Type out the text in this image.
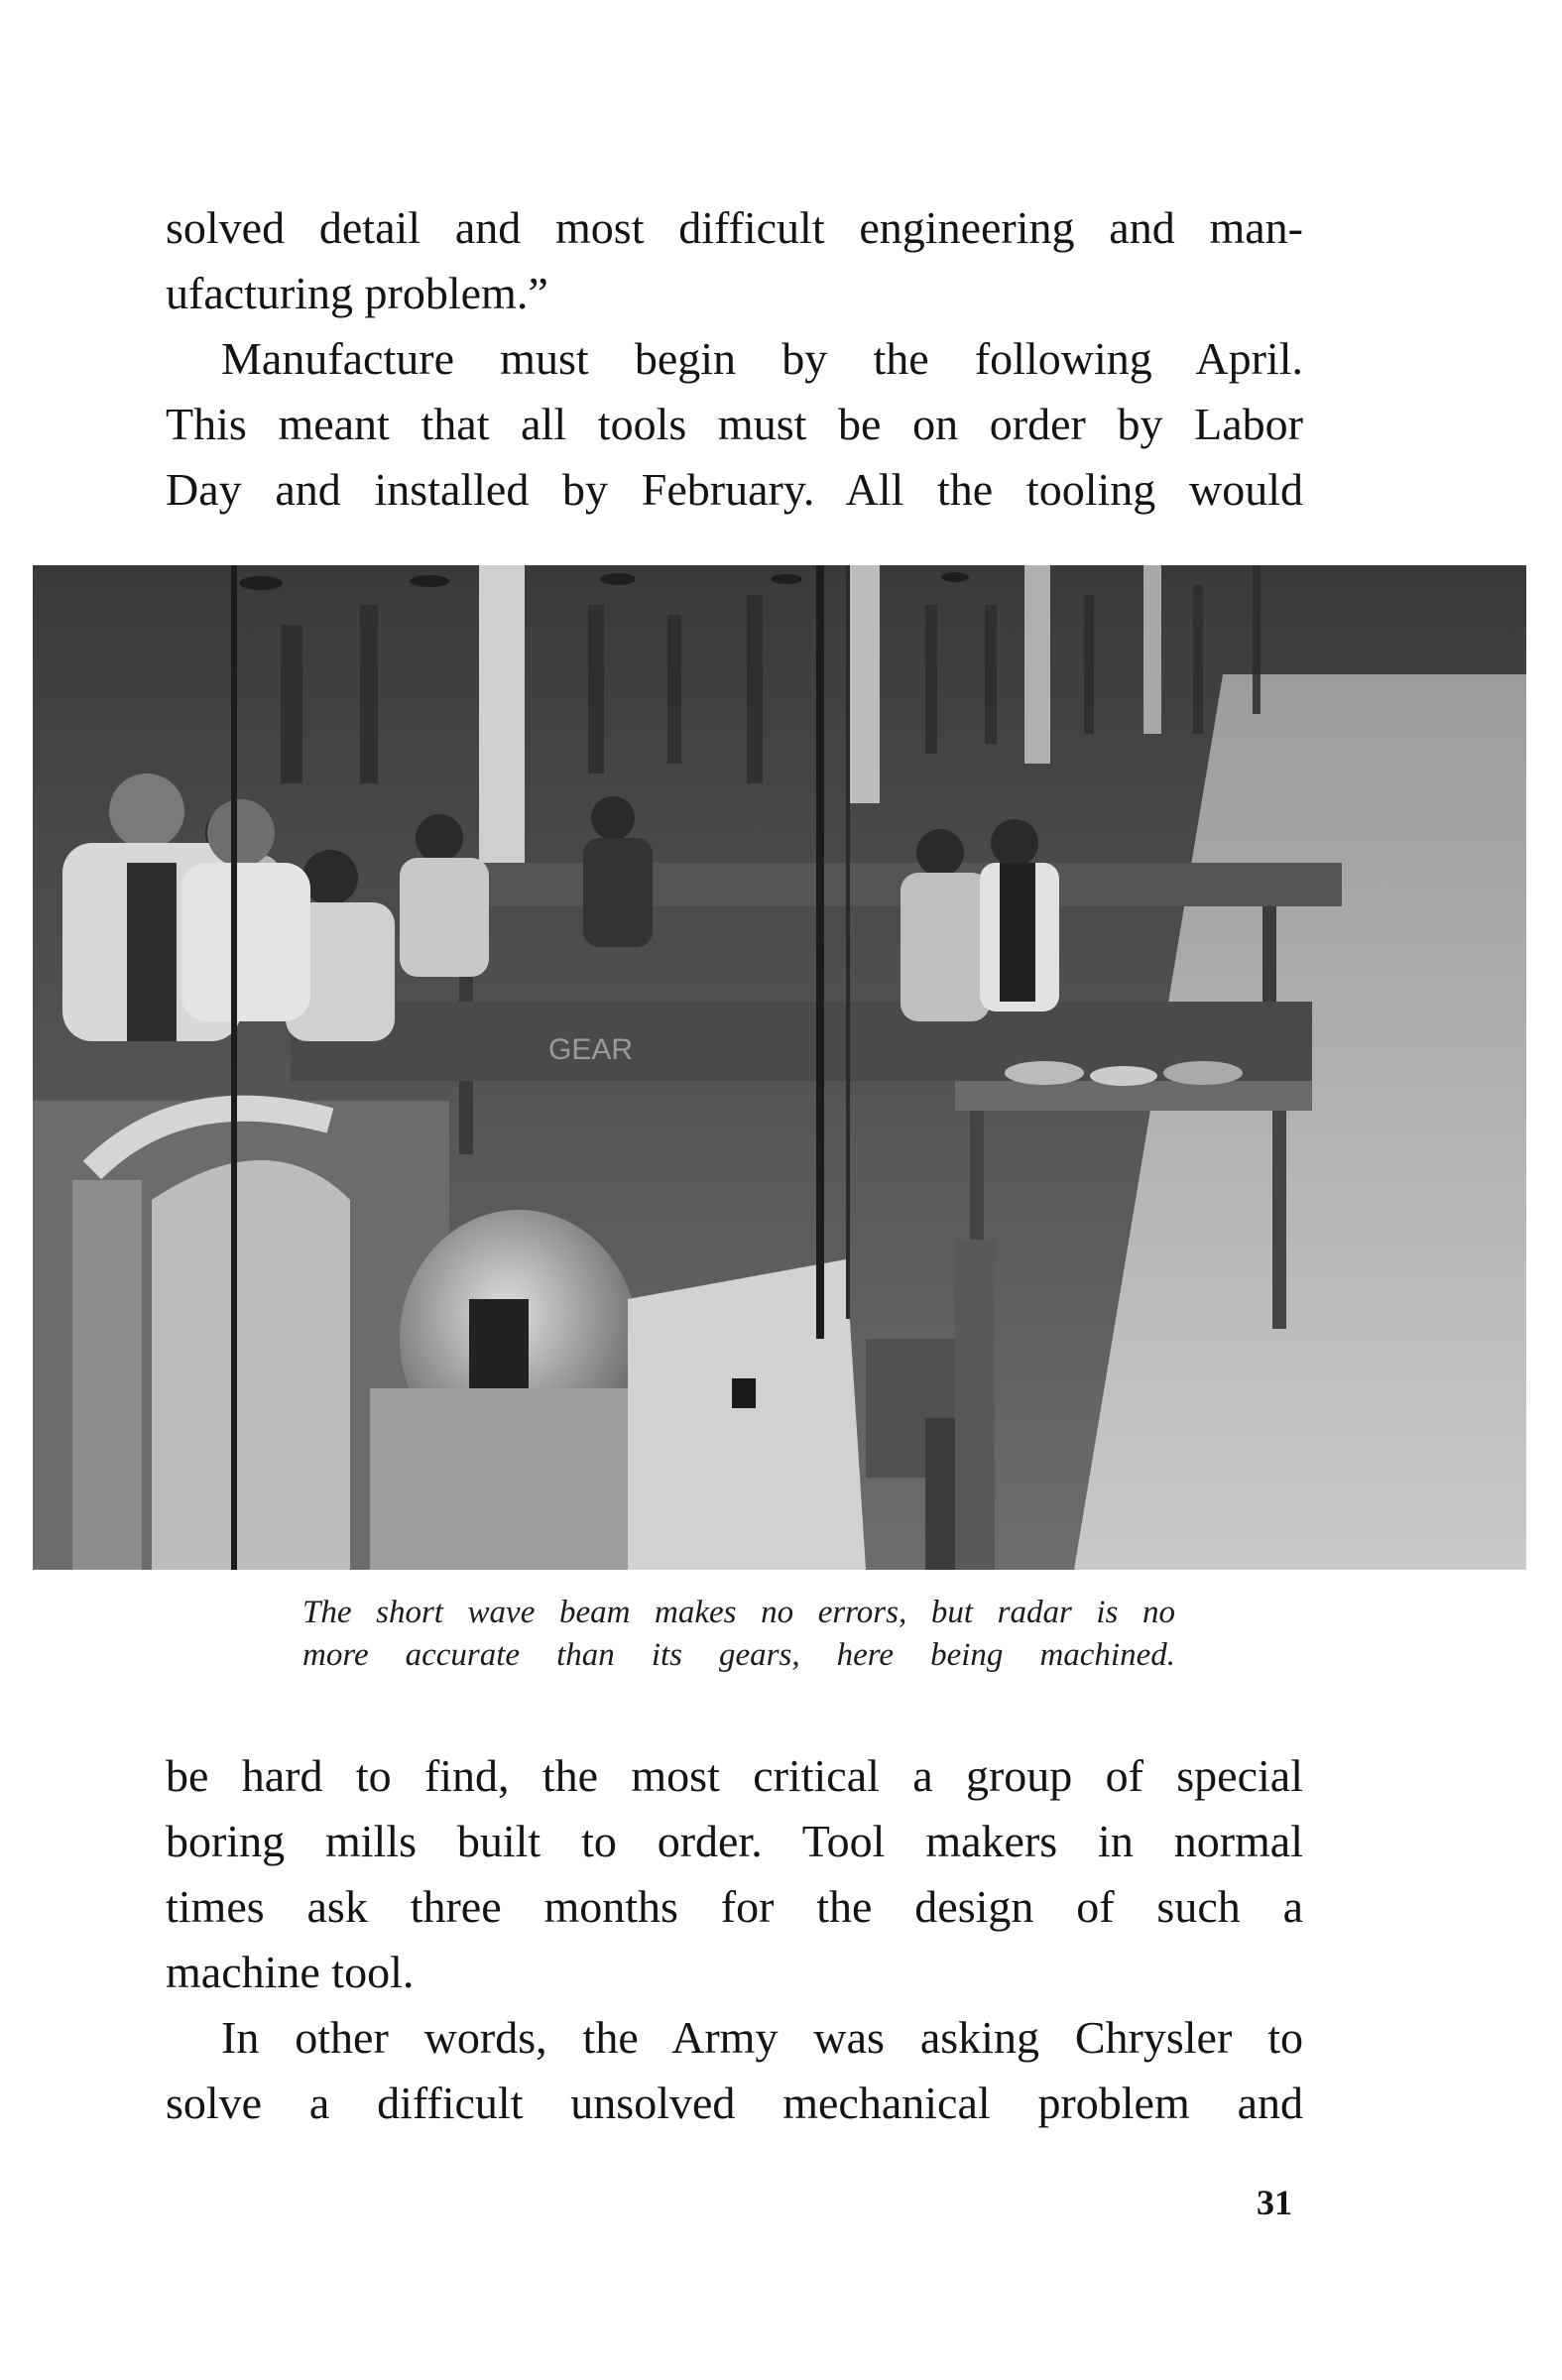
solved detail and most difficult engineering and man-
ufacturing problem.”
Manufacture must begin by the following April.
This meant that all tools must be on order by Labor
Day and installed by February. All the tooling would
GEAR
The short wave beam makes no errors, but radar is no
more accurate than its gears, here being machined.
be hard to find, the most critical a group of special
boring mills built to order. Tool makers in normal
times ask three months for the design of such a
machine tool.
In other words, the Army was asking Chrysler to
solve a difficult unsolved mechanical problem and
31
